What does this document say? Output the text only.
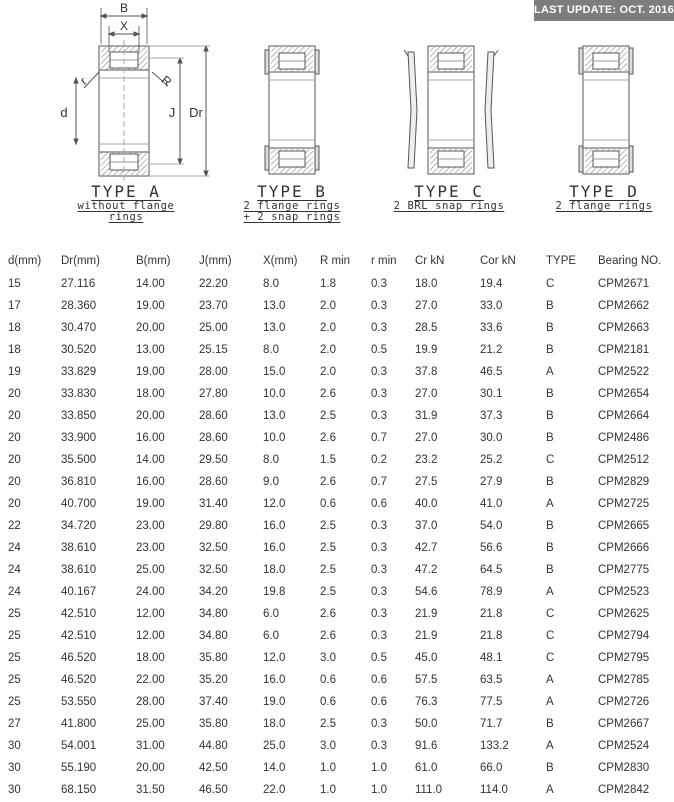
LAST UPDATE: OCT. 2016
B
X
r	R
d	J Dr
TYPE A
without flange rings
TYPE B
2 flange rings
+ 2 snap rings
TYPE C
2 BRL snap rings
TYPE D
2 flange rings
d(mm)	Dr(mm)	B(mm)	J(mm)	X(mm)	R min	r min	Cr kN	Cor kN	TYPE	Bearing NO.
15	27.116	14.00	22.20	8.0	1.8	0.3	18.0	19.4	C	CPM2671
17	28.360	19.00	23.70	13.0	2.0	0.3	27.0	33.0	B	CPM2662
18	30.470	20.00	25.00	13.0	2.0	0.3	28.5	33.6	B	CPM2663
18	30.520	13.00	25.15	8.0	2.0	0.5	19.9	21.2	B	CPM2181
19	33.829	19.00	28.00	15.0	2.0	0.3	37.8	46.5	A	CPM2522
20	33.830	18.00	27.80	10.0	2.6	0.3	27.0	30.1	B	CPM2654
20	33.850	20.00	28.60	13.0	2.5	0.3	31.9	37.3	B	CPM2664
20	33.900	16.00	28.60	10.0	2.6	0.7	27.0	30.0	B	CPM2486
20	35.500	14.00	29.50	8.0	1.5	0.2	23.2	25.2	C	CPM2512
20	36.810	16.00	28.60	9.0	2.6	0.7	27.5	27.9	B	CPM2829
20	40.700	19.00	31.40	12.0	0.6	0.6	40.0	41.0	A	CPM2725
22	34.720	23.00	29.80	16.0	2.5	0.3	37.0	54.0	B	CPM2665
24	38.610	23.00	32.50	16.0	2.5	0.3	42.7	56.6	B	CPM2666
24	38.610	25.00	32.50	18.0	2.5	0.3	47.2	64.5	B	CPM2775
24	40.167	24.00	34.20	19.8	2.5	0.3	54.6	78.9	A	CPM2523
25	42.510	12.00	34.80	6.0	2.6	0.3	21.9	21.8	C	CPM2625
25	42.510	12.00	34.80	6.0	2.6	0.3	21.9	21.8	C	CPM2794
25	46.520	18.00	35.80	12.0	3.0	0.5	45.0	48.1	C	CPM2795
25	46.520	22.00	35.20	16.0	0.6	0.6	57.5	63.5	A	CPM2785
25	53.550	28.00	37.40	19.0	0.6	0.6	76.3	77.5	A	CPM2726
27	41.800	25.00	35.80	18.0	2.5	0.3	50.0	71.7	B	CPM2667
30	54.001	31.00	44.80	25.0	3.0	0.3	91.6	133.2	A	CPM2524
30	55.190	20.00	42.50	14.0	1.0	1.0	61.0	66.0	B	CPM2830
30	68.150	31.50	46.50	22.0	1.0	1.0	111.0	114.0	A	CPM2842
